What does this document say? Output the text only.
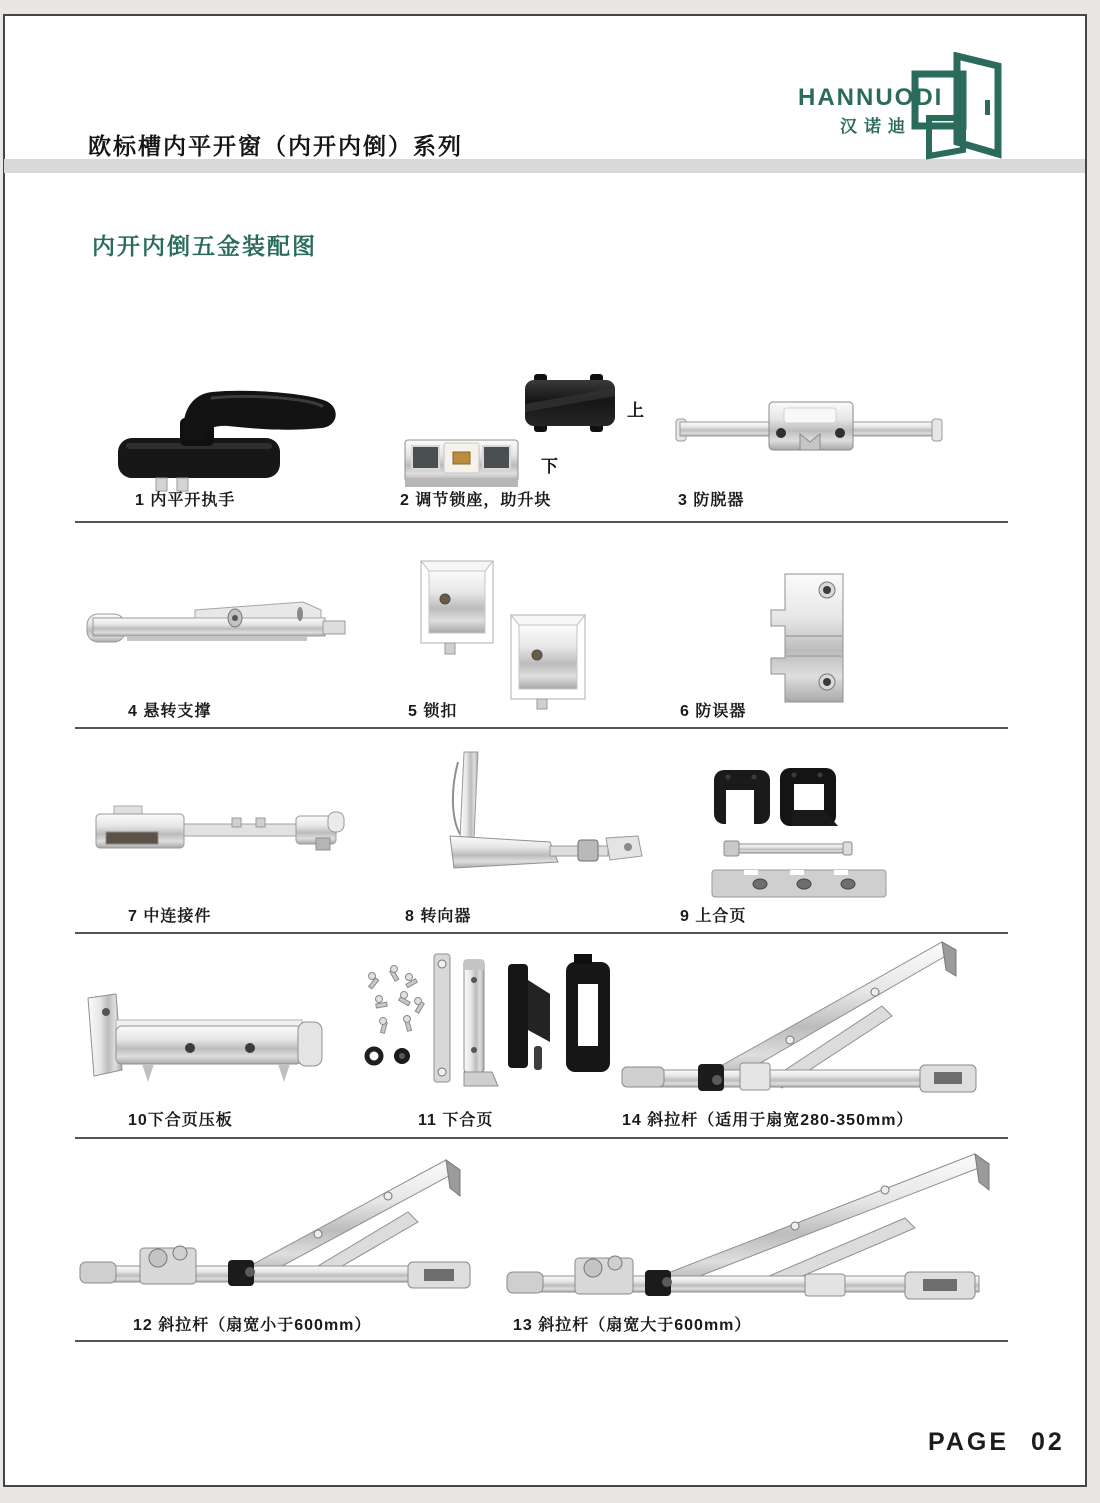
欧标槽内平开窗（内开内倒）系列
HANNUODI
汉诺迪
内开内倒五金装配图
上
下
1 内平开执手	2 调节锁座，助升块	3 防脱器
4 悬转支撑	5 锁扣	6 防误器
7 中连接件	8 转向器	9 上合页
10下合页压板	11 下合页	14 斜拉杆（适用于扇宽280-350mm）
12 斜拉杆（扇宽小于600mm）	13 斜拉杆（扇宽大于600mm）
PAGE 02
